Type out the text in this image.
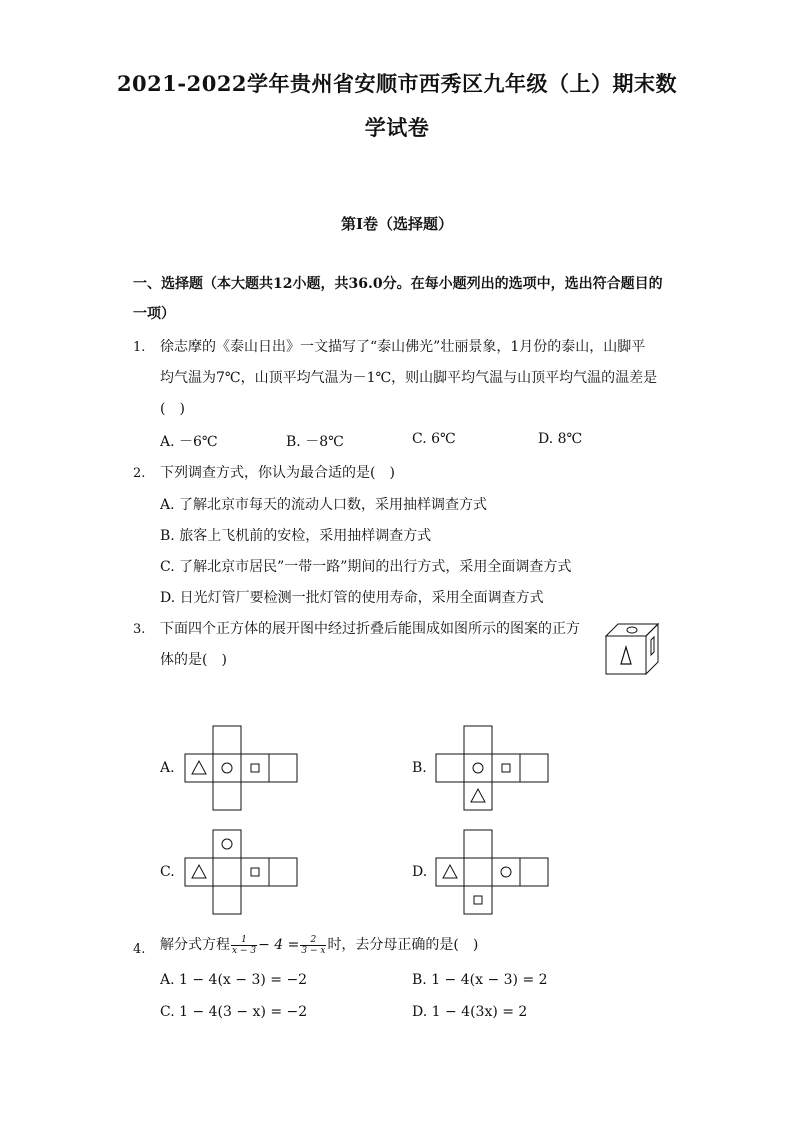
2021-2022学年贵州省安顺市西秀区九年级（上）期末数
学试卷
第I卷（选择题）
一、选择题（本大题共12小题，共36.0分。在每小题列出的选项中，选出符合题目的
一项）
1. 徐志摩的《泰山日出》一文描写了“泰山佛光”壮丽景象，1月份的泰山，山脚平
均气温为7℃，山顶平均气温为－1℃，则山脚平均气温与山顶平均气温的温差是
(　)
A. －6℃	B. －8℃	C. 6℃	D. 8℃
2. 下列调查方式，你认为最合适的是(　)
A. 了解北京市每天的流动人口数，采用抽样调查方式
B. 旅客上飞机前的安检，采用抽样调查方式
C. 了解北京市居民”一带一路”期间的出行方式，采用全面调查方式
D. 日光灯管厂要检测一批灯管的使用寿命，采用全面调查方式
3. 下面四个正方体的展开图中经过折叠后能围成如图所示的图案的正方
体的是(　)
A.	B.
C.	D.
4. 解分式方程 $\frac{1}{x - 3} - 4 = \frac{2}{3 - x}$ 时，去分母正确的是(　)
A. 1 − 4(x − 3) = −2	B. 1 − 4(x − 3) = 2
C. 1 − 4(3 − x) = −2	D. 1 − 4(3x) = 2
